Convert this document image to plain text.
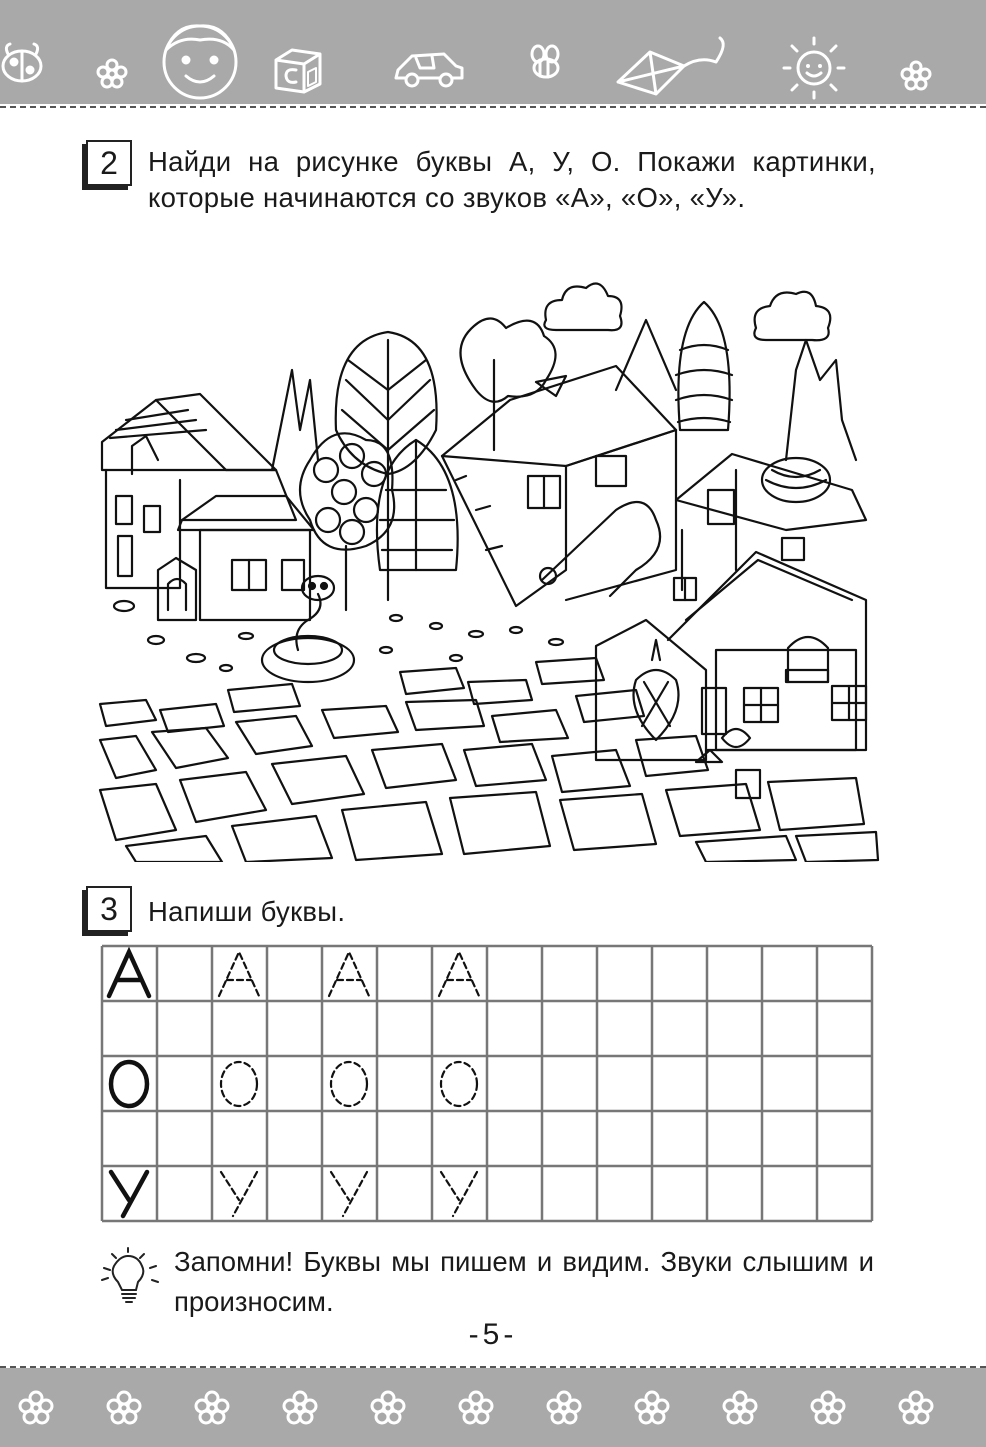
2	Найди на рисунке буквы А, У, О. Покажи картинки, которые начинаются со звуков «А», «О», «У».
3	Напиши буквы.
Запомни! Буквы мы пишем и видим. Звуки слышим и произносим.
-5-
